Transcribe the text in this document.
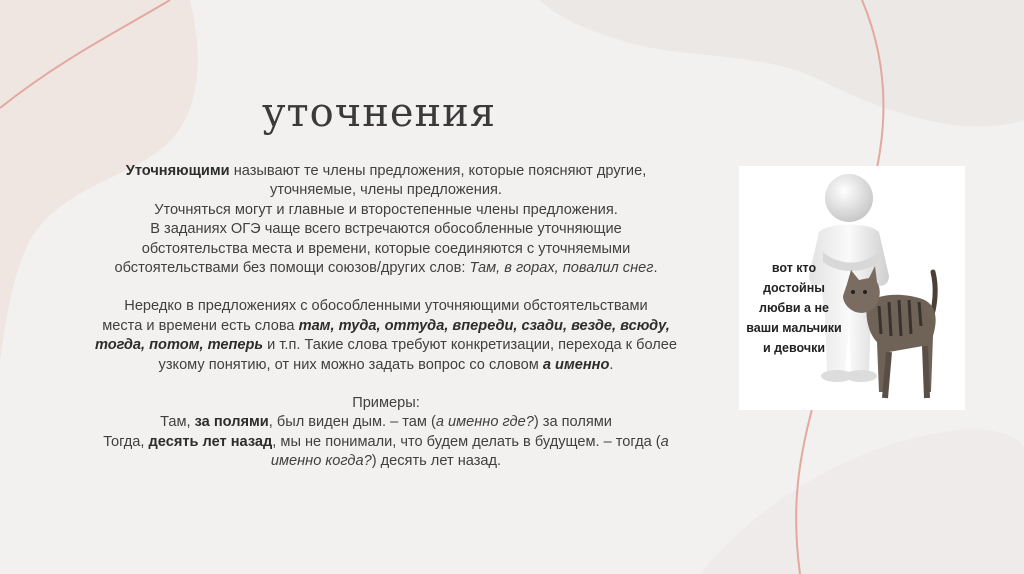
уточнения

Уточняющими называют те члены предложения, которые поясняют другие,

уточняемые, члены предложения.

Уточняться могут и главные и второстепенные члены предложения.

В заданиях ОГЭ чаще всего встречаются обособленные уточняющие

обстоятельства места и времени, которые соединяются с уточняемыми

обстоятельствами без помощи союзов/других слов: Там, в горах, повалил снег.

Нередко в предложениях с обособленными уточняющими обстоятельствами

места и времени есть слова там, туда, оттуда, впереди, сзади, везде, всюду,

тогда, потом, теперь и т.п. Такие слова требуют конкретизации, перехода к более

узкому понятию, от них можно задать вопрос со словом а именно.

Примеры:

Там, за полями, был виден дым. – там (а именно где?) за полями

Тогда, десять лет назад, мы не понимали, что будем делать в будущем. – тогда (а

именно когда?) десять лет назад.

вот кто
достойны
любви а не
ваши мальчики
и девочки
